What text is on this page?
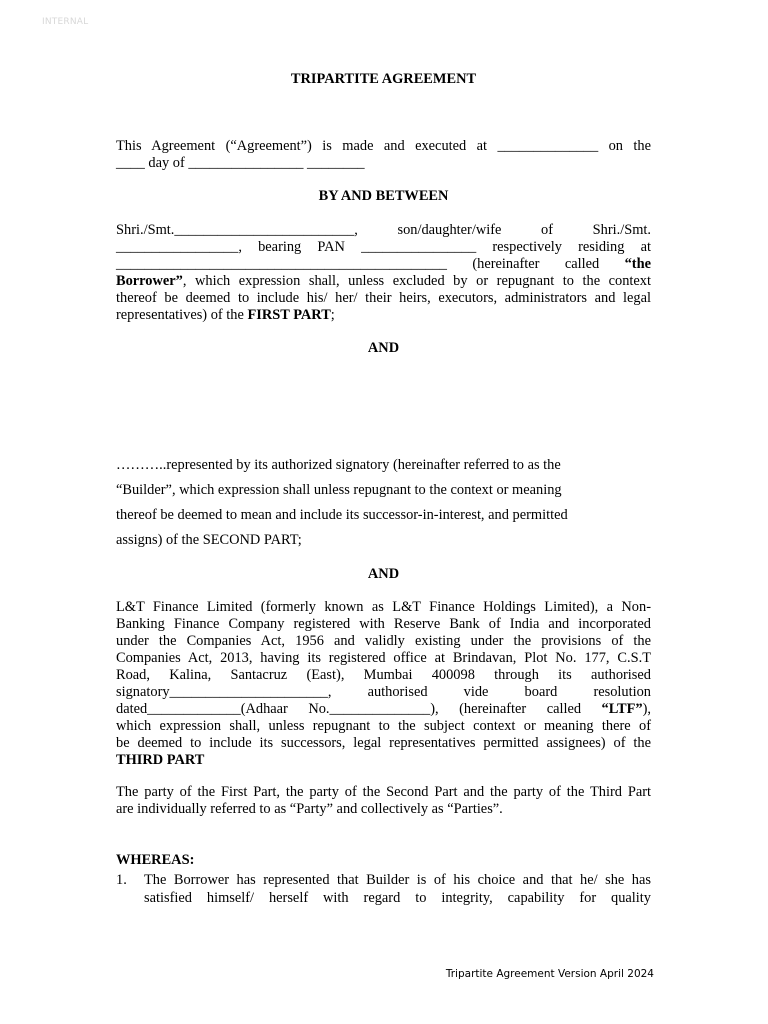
INTERNAL
TRIPARTITE AGREEMENT
This Agreement (“Agreement”) is made and executed at ______________ on the
____ day of ________________ ________
BY AND BETWEEN
Shri./Smt._________________________, son/daughter/wife of Shri./Smt.
_________________, bearing PAN ________________ respectively residing at
______________________________________________ (hereinafter called “the
Borrower”, which expression shall, unless excluded by or repugnant to the context
thereof be deemed to include his/ her/ their heirs, executors, administrators and legal
representatives) of the FIRST PART;
AND
………..represented by its authorized signatory (hereinafter referred to as the
“Builder”, which expression shall unless repugnant to the context or meaning
thereof be deemed to mean and include its successor-in-interest, and permitted
assigns) of the SECOND PART;
AND
L&T Finance Limited (formerly known as L&T Finance Holdings Limited), a Non-
Banking Finance Company registered with Reserve Bank of India and incorporated
under the Companies Act, 1956 and validly existing under the provisions of the
Companies Act, 2013, having its registered office at Brindavan, Plot No. 177, C.S.T
Road, Kalina, Santacruz (East), Mumbai 400098 through its authorised
signatory______________________, authorised vide board resolution
dated_____________(Adhaar No.______________), (hereinafter called “LTF”),
which expression shall, unless repugnant to the subject context or meaning there of
be deemed to include its successors, legal representatives permitted assignees) of the
THIRD PART
The party of the First Part, the party of the Second Part and the party of the Third Part
are individually referred to as “Party” and collectively as “Parties”.
WHEREAS:
1. The Borrower has represented that Builder is of his choice and that he/ she has
satisfied himself/ herself with regard to integrity, capability for quality
Tripartite Agreement Version April 2024
